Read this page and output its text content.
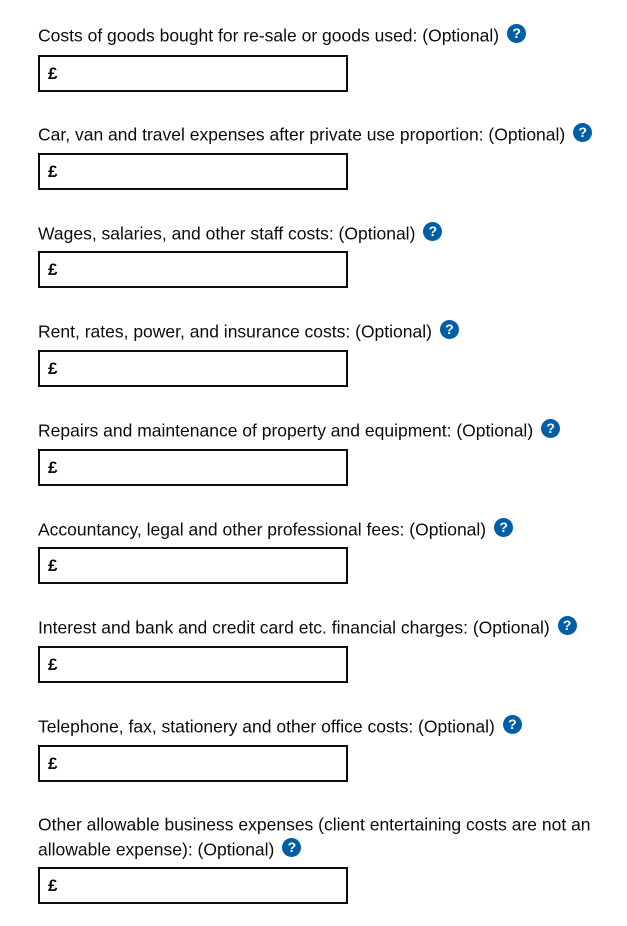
Costs of goods bought for re-sale or goods used: (Optional) ?
£
Car, van and travel expenses after private use proportion: (Optional) ?
£
Wages, salaries, and other staff costs: (Optional) ?
£
Rent, rates, power, and insurance costs: (Optional) ?
£
Repairs and maintenance of property and equipment: (Optional) ?
£
Accountancy, legal and other professional fees: (Optional) ?
£
Interest and bank and credit card etc. financial charges: (Optional) ?
£
Telephone, fax, stationery and other office costs: (Optional) ?
£
Other allowable business expenses (client entertaining costs are not an allowable expense): (Optional) ?
£
